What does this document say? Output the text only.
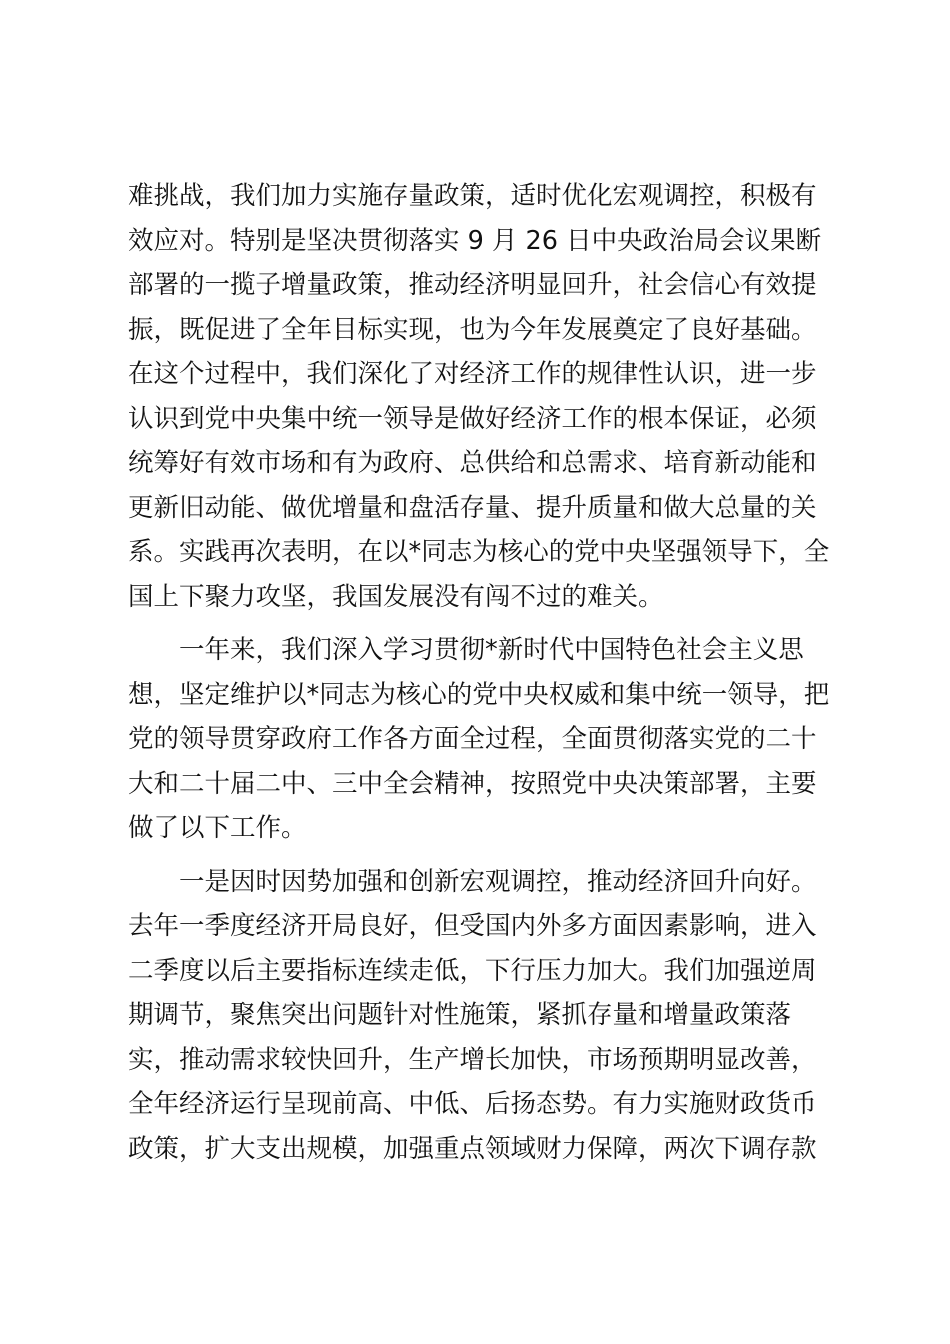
难挑战，我们加力实施存量政策，适时优化宏观调控，积极有
效应对。特别是坚决贯彻落实 9 月 26 日中央政治局会议果断
部署的一揽子增量政策，推动经济明显回升，社会信心有效提
振，既促进了全年目标实现，也为今年发展奠定了良好基础。
在这个过程中，我们深化了对经济工作的规律性认识，进一步
认识到党中央集中统一领导是做好经济工作的根本保证，必须
统筹好有效市场和有为政府、总供给和总需求、培育新动能和
更新旧动能、做优增量和盘活存量、提升质量和做大总量的关
系。实践再次表明，在以*同志为核心的党中央坚强领导下，全
国上下聚力攻坚，我国发展没有闯不过的难关。
一年来，我们深入学习贯彻*新时代中国特色社会主义思
想，坚定维护以*同志为核心的党中央权威和集中统一领导，把
党的领导贯穿政府工作各方面全过程，全面贯彻落实党的二十
大和二十届二中、三中全会精神，按照党中央决策部署，主要
做了以下工作。
一是因时因势加强和创新宏观调控，推动经济回升向好。
去年一季度经济开局良好，但受国内外多方面因素影响，进入
二季度以后主要指标连续走低，下行压力加大。我们加强逆周
期调节，聚焦突出问题针对性施策，紧抓存量和增量政策落
实，推动需求较快回升，生产增长加快，市场预期明显改善，
全年经济运行呈现前高、中低、后扬态势。有力实施财政货币
政策，扩大支出规模，加强重点领域财力保障，两次下调存款
